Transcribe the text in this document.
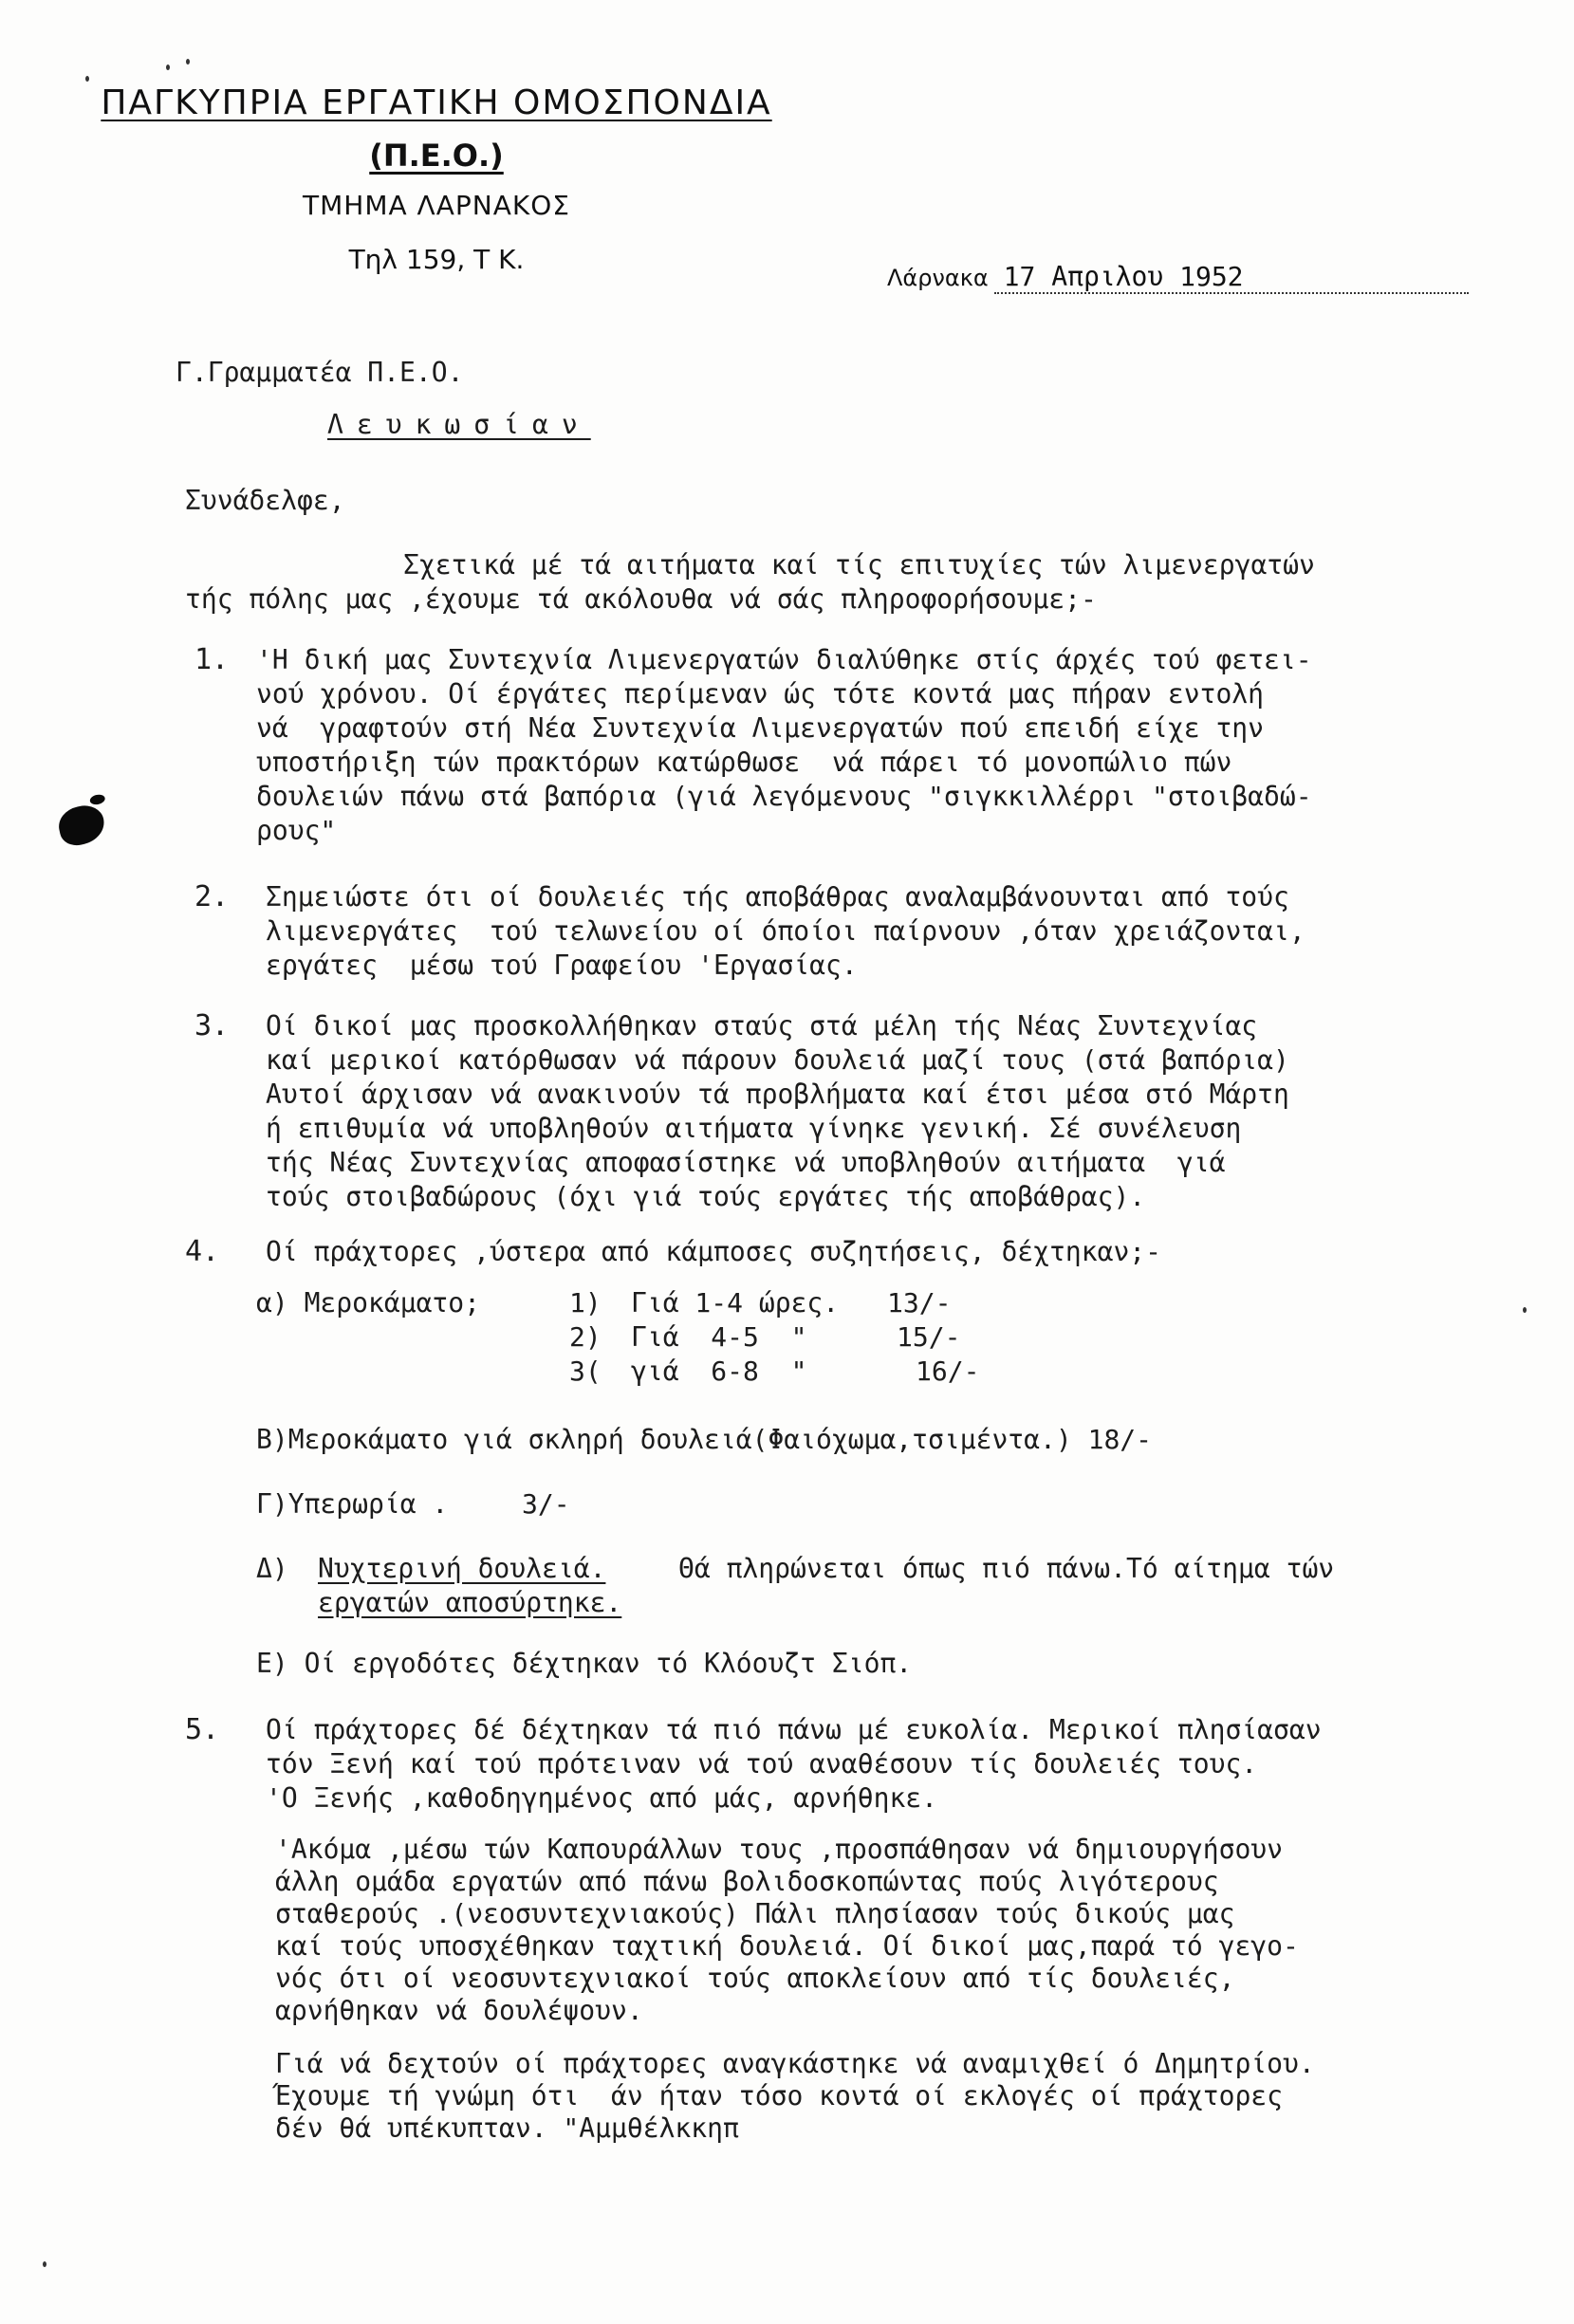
ΠΑΓΚΥΠΡΙΑ ΕΡΓΑΤΙΚΗ ΟΜΟΣΠΟΝΔΙΑ
(Π.Ε.Ο.)
ΤΜΗΜΑ ΛΑΡΝΑΚΟΣ
Τηλ 159, Τ Κ.
Λάρνακα 17 Απριλου 1952
Γ.Γραμματέα Π.Ε.Ο.
Λευκωσίαν
Συνάδελφε,
Σχετικά μέ τά αιτήματα καί τίς επιτυχίες τών λιμενεργατών
τής πόλης μας ,έχουμε τά ακόλουθα νά σάς πληροφορήσουμε;-
1. 'Η δική μας Συντεχνία Λιμενεργατών διαλύθηκε στίς άρχές τού φετει-
νού χρόνου. Οί έργάτες περίμεναν ώς τότε κοντά μας πήραν εντολή
νά  γραφτούν στή Νέα Συντεχνία Λιμενεργατών πού επειδή είχε την
υποστήριξη τών πρακτόρων κατώρθωσε  νά πάρει τό μονοπώλιο πών
δουλειών πάνω στά βαπόρια (γιά λεγόμενους "σιγκκιλλέρρι "στοιβαδώ-
ρους"
2. Σημειώστε ότι οί δουλειές τής αποβάθρας αναλαμβάνουνται από τούς
λιμενεργάτες  τού τελωνείου οί όποίοι παίρνουν ,όταν χρειάζονται,
εργάτες  μέσω τού Γραφείου 'Εργασίας.
3. Οί δικοί μας προσκολλήθηκαν σταύς στά μέλη τής Νέας Συντεχνίας
καί μερικοί κατόρθωσαν νά πάρουν δουλειά μαζί τους (στά βαπόρια)
Αυτοί άρχισαν νά ανακινούν τά προβλήματα καί έτσι μέσα στό Μάρτη
ή επιθυμία νά υποβληθούν αιτήματα γίνηκε γενική. Σέ συνέλευση
τής Νέας Συντεχνίας αποφασίστηκε νά υποβληθούν αιτήματα  γιά
τούς στοιβαδώρους (όχι γιά τούς εργάτες τής αποβάθρας).
4. Οί πράχτορες ,ύστερα από κάμποσες συζητήσεις, δέχτηκαν;-
α) Μεροκάματο;	1) Γιά 1-4 ώρες. 13/-
2) Γιά  4-5  "	15/-
3( γιά  6-8  "	16/-
Β)Μεροκάματο γιά σκληρή δουλειά(Φαιόχωμα,τσιμέντα.) 18/-
Γ)Υπερωρία .	3/-
Δ) Νυχτερινή δουλειά.	Θά πληρώνεται όπως πιό πάνω.Τό αίτημα τών
εργατών αποσύρτηκε.
Ε) Οί εργοδότες δέχτηκαν τό Κλόουζτ Σιόπ.
5. Οί πράχτορες δέ δέχτηκαν τά πιό πάνω μέ ευκολία. Μερικοί πλησίασαν
τόν Ξενή καί τού πρότειναν νά τού αναθέσουν τίς δουλειές τους.
'Ο Ξενής ,καθοδηγημένος από μάς, αρνήθηκε.
'Ακόμα ,μέσω τών Καπουράλλων τους ,προσπάθησαν νά δημιουργήσουν
άλλη ομάδα εργατών από πάνω βολιδοσκοπώντας πούς λιγότερους
σταθερούς .(νεοσυντεχνιακούς) Πάλι πλησίασαν τούς δικούς μας
καί τούς υποσχέθηκαν ταχτική δουλειά. Οί δικοί μας,παρά τό γεγο-
νός ότι οί νεοσυντεχνιακοί τούς αποκλείουν από τίς δουλειές,
αρνήθηκαν νά δουλέψουν.
Γιά νά δεχτούν οί πράχτορες αναγκάστηκε νά αναμιχθεί ό Δημητρίου.
Έχουμε τή γνώμη ότι  άν ήταν τόσο κοντά οί εκλογές οί πράχτορες
δέν θά υπέκυπταν. "Αμμθέλκκηπ
